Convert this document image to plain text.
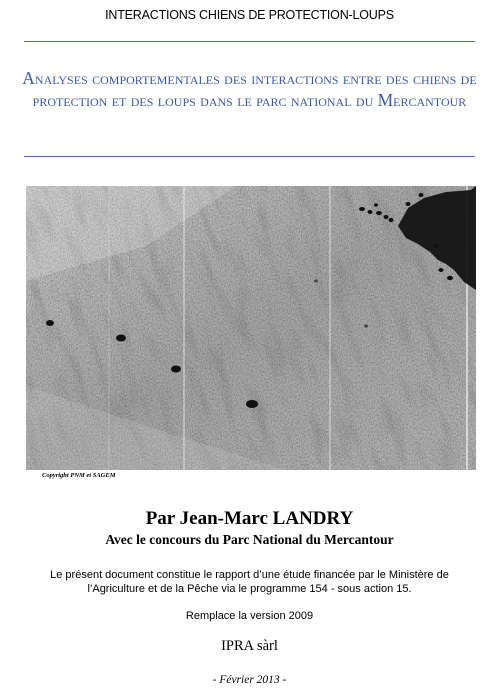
INTERACTIONS CHIENS DE PROTECTION-LOUPS
Analyses comportementales des interactions entre des chiens de protection et des loups dans le parc national du Mercantour
Copyright PNM et SAGEM
Par Jean-Marc LANDRY
Avec le concours du Parc National du Mercantour
Le présent document constitue le rapport d’une étude financée par le Ministère de
l’Agriculture et de la Pêche via le programme 154 - sous action 15.
Remplace la version 2009
IPRA sàrl
- Février 2013 -
